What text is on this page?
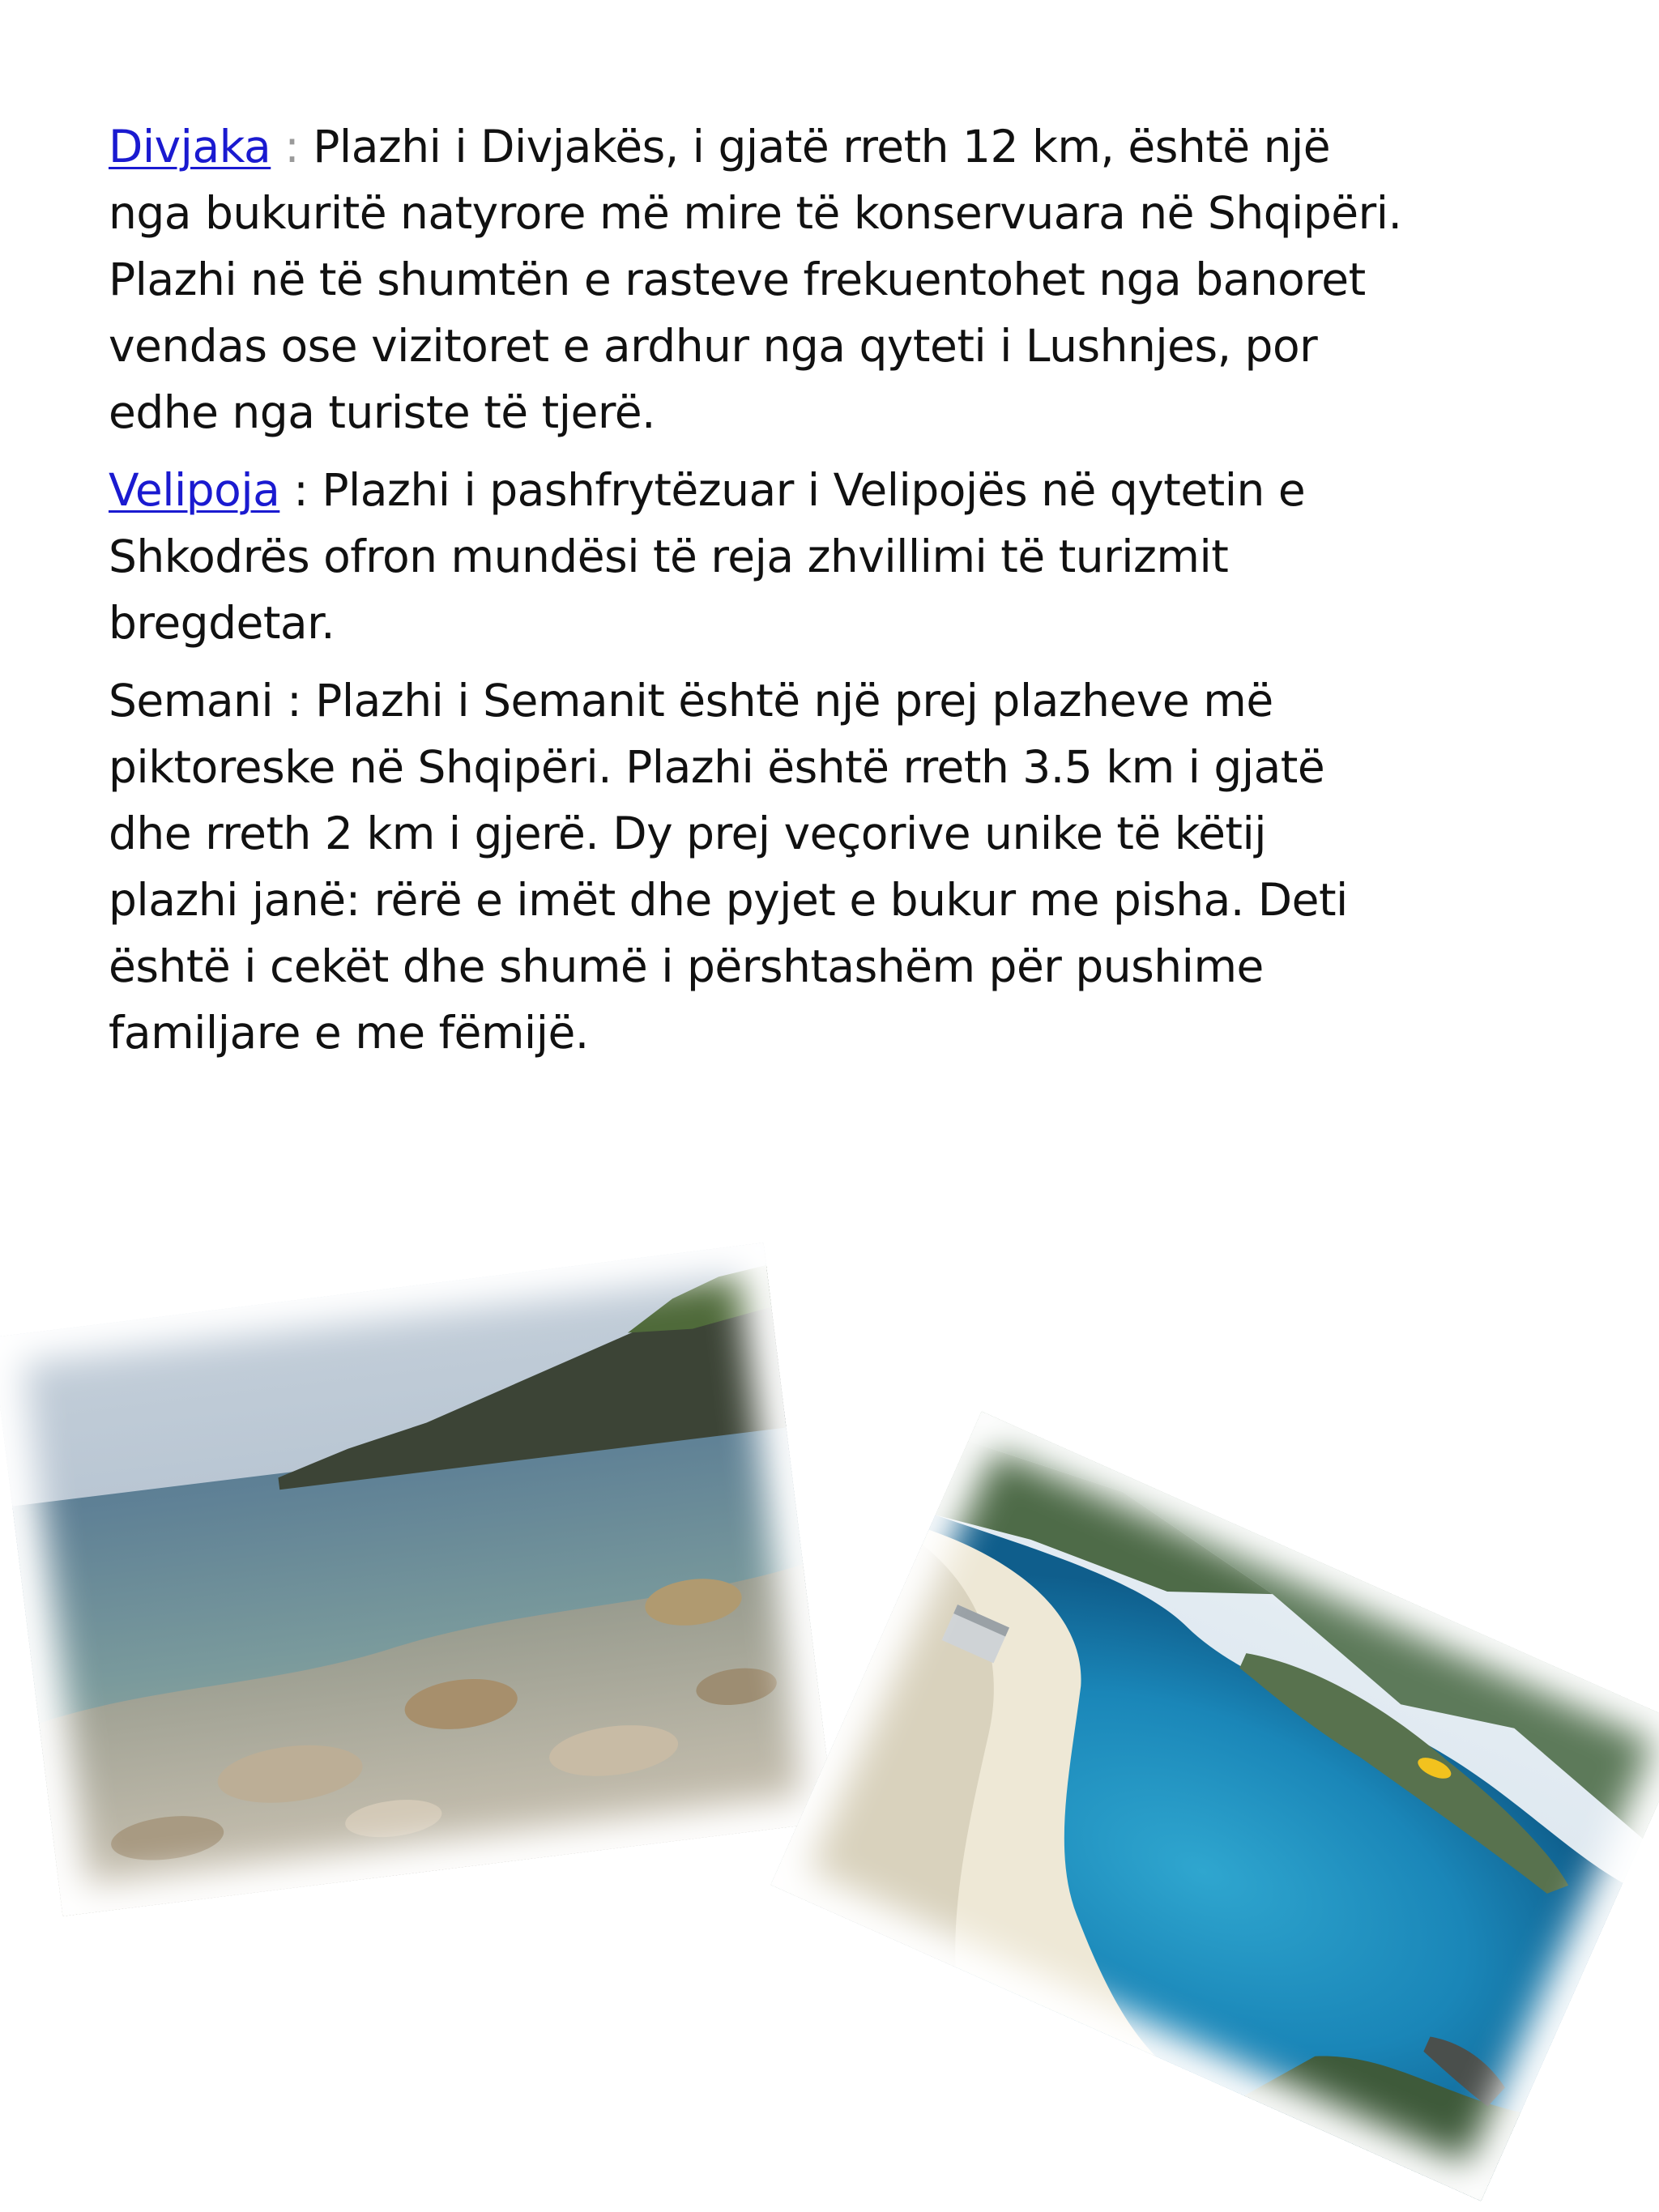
Divjaka : Plazhi i Divjakës, i gjatë rreth 12 km, është një nga bukuritë natyrore më mire të konservuara në Shqipëri. Plazhi në të shumtën e rasteve frekuentohet nga banoret vendas ose vizitoret e ardhur nga qyteti i Lushnjes, por edhe nga turiste të tjerë.

Velipoja : Plazhi i pashfrytëzuar i Velipojës në qytetin e Shkodrës ofron mundësi të reja zhvillimi të turizmit bregdetar.

Semani : Plazhi i Semanit është një prej plazheve më piktoreske në Shqipëri. Plazhi është rreth 3.5 km i gjatë dhe rreth 2 km i gjerë. Dy prej veçorive unike të këtij plazhi janë: rërë e imët dhe pyjet e bukur me pisha. Deti është i cekët dhe shumë i përshtashëm për pushime familjare e me fëmijë.
